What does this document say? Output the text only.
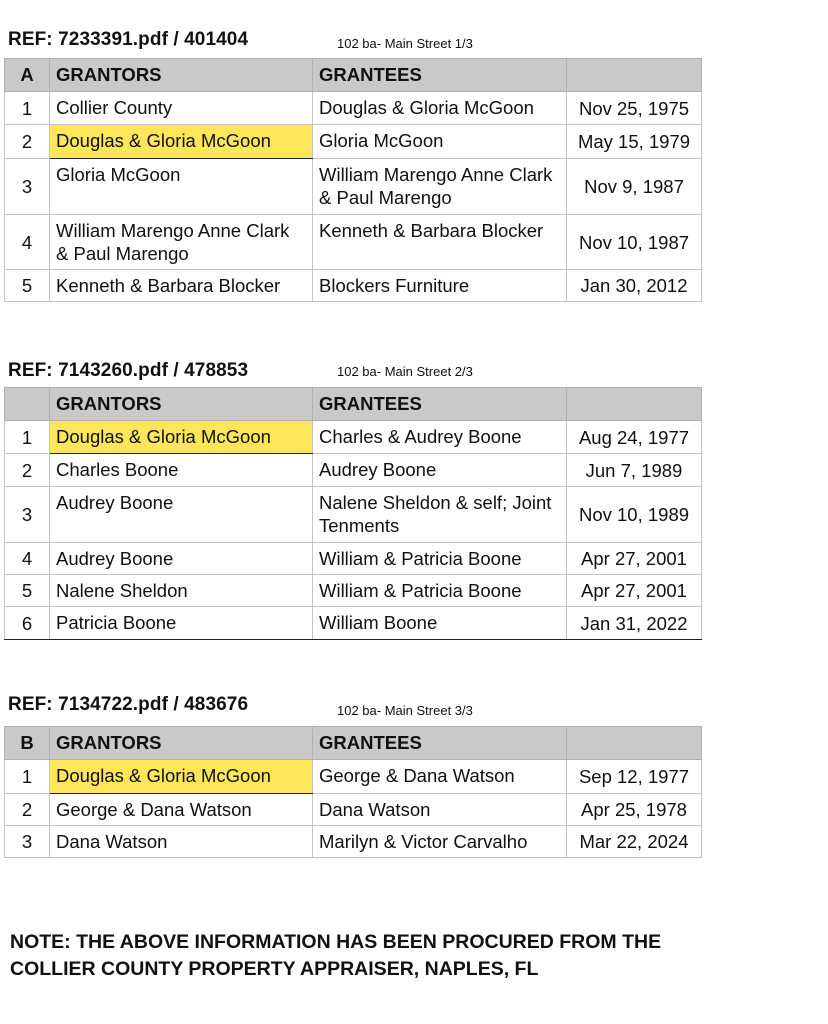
REF: 7233391.pdf / 401404	102 ba- Main Street 1/3
A	GRANTORS	GRANTEES	
1	Collier County	Douglas & Gloria McGoon	Nov 25, 1975
2	Douglas & Gloria McGoon	Gloria McGoon	May 15, 1979
3	Gloria McGoon	William Marengo Anne Clark & Paul Marengo	Nov 9, 1987
4	William Marengo Anne Clark & Paul Marengo	Kenneth & Barbara Blocker	Nov 10, 1987
5	Kenneth & Barbara Blocker	Blockers Furniture	Jan 30, 2012
REF: 7143260.pdf / 478853	102 ba- Main Street 2/3
	GRANTORS	GRANTEES	
1	Douglas & Gloria McGoon	Charles & Audrey Boone	Aug 24, 1977
2	Charles Boone	Audrey Boone	Jun 7, 1989
3	Audrey Boone	Nalene Sheldon & self; Joint Tenments	Nov 10, 1989
4	Audrey Boone	William & Patricia Boone	Apr 27, 2001
5	Nalene Sheldon	William & Patricia Boone	Apr 27, 2001
6	Patricia Boone	William Boone	Jan 31, 2022
REF: 7134722.pdf / 483676	102 ba- Main Street 3/3
B	GRANTORS	GRANTEES	
1	Douglas & Gloria McGoon	George & Dana Watson	Sep 12, 1977
2	George & Dana Watson	Dana Watson	Apr 25, 1978
3	Dana Watson	Marilyn & Victor Carvalho	Mar 22, 2024
NOTE: THE ABOVE INFORMATION HAS BEEN PROCURED FROM THE
COLLIER COUNTY PROPERTY APPRAISER, NAPLES, FL
